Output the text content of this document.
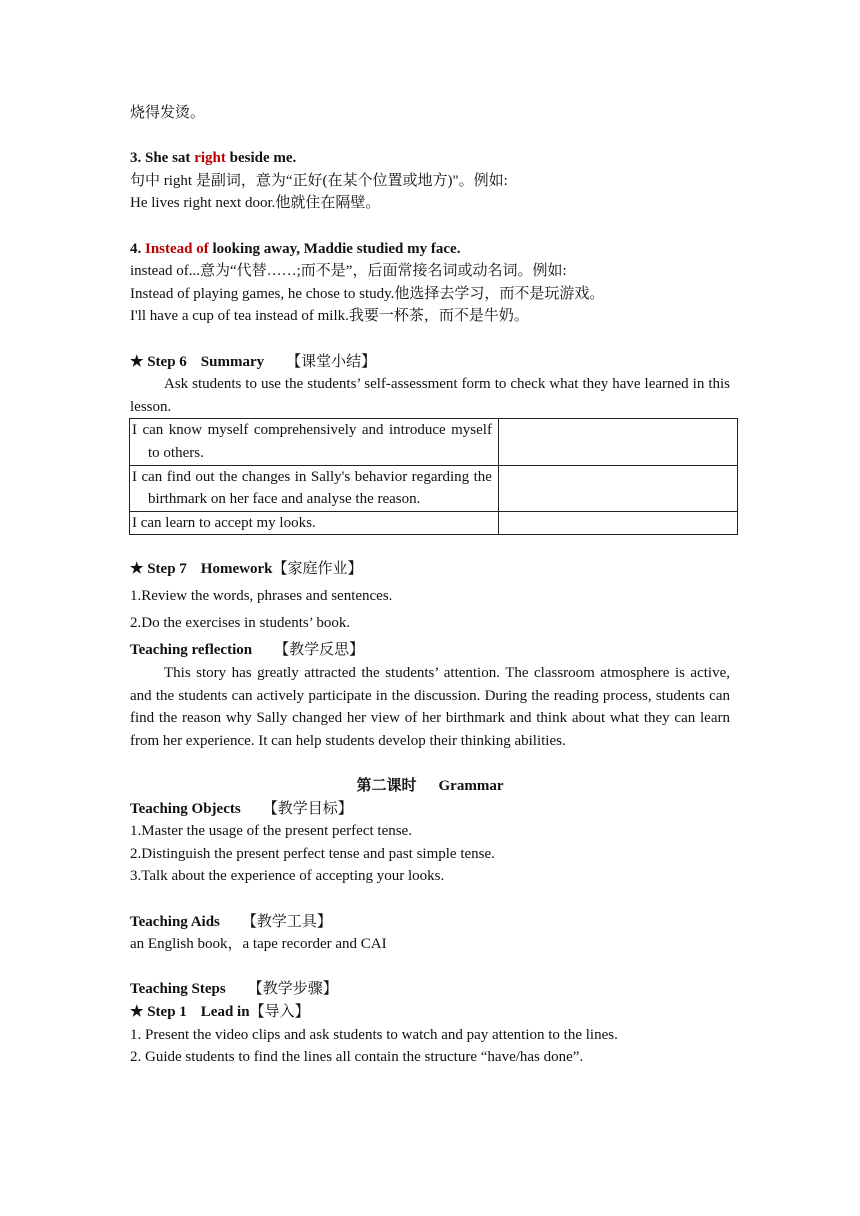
烧得发烫。

3. She sat right beside me.

句中 right 是副词，意为“正好(在某个位置或地方)"。例如:

He lives right next door.他就住在隔壁。

4. Instead of looking away, Maddie studied my face.

instead of...意为“代替……;而不是”，后面常接名词或动名词。例如:

Instead of playing games, he chose to study.他选择去学习，而不是玩游戏。

I'll have a cup of tea instead of milk.我要一杯茶，而不是牛奶。

★ Step 6 Summary 【课堂小结】

Ask students to use the students’ self-assessment form to check what they have learned in this lesson.

I can know myself comprehensively and introduce myself to others.	

I can find out the changes in Sally's behavior regarding the birthmark on her face and analyse the reason.	

I can learn to accept my looks.	

★ Step 7 Homework【家庭作业】

1.Review the words, phrases and sentences.

2.Do the exercises in students’ book.

Teaching reflection 【教学反思】

This story has greatly attracted the students’ attention. The classroom atmosphere is active, and the students can actively participate in the discussion. During the reading process, students can find the reason why Sally changed her view of her birthmark and think about what they can learn from her experience. It can help students develop their thinking abilities.

第二课时 Grammar

Teaching Objects 【教学目标】

1.Master the usage of the present perfect tense.

2.Distinguish the present perfect tense and past simple tense.

3.Talk about the experience of accepting your looks.

Teaching Aids 【教学工具】

an English book，a tape recorder and CAI

Teaching Steps 【教学步骤】

★ Step 1 Lead in【导入】

1. Present the video clips and ask students to watch and pay attention to the lines.

2. Guide students to find the lines all contain the structure “have/has done”.
